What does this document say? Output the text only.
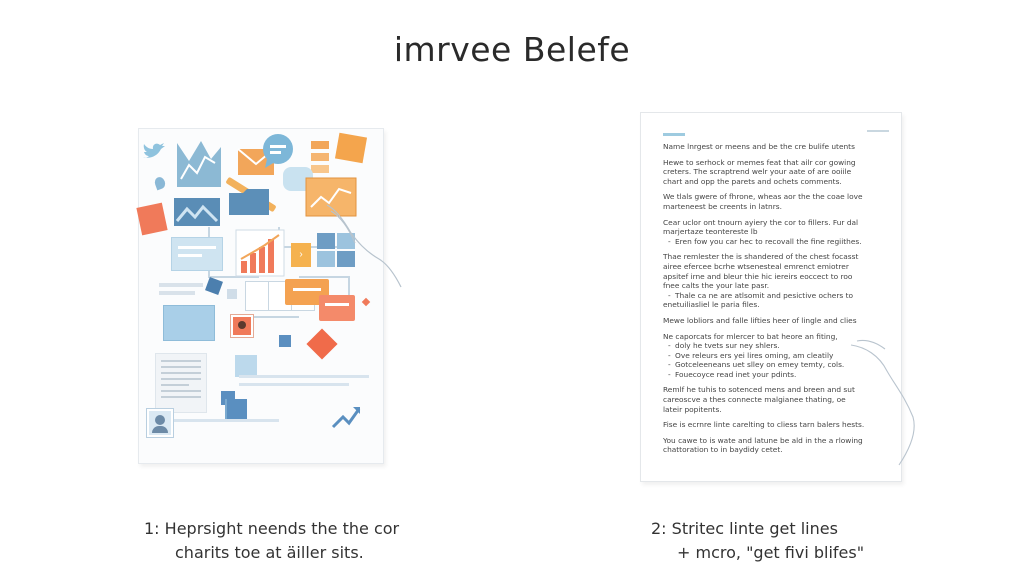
imrvee Belefe
›
• Name lnrgest or meens and be the cre bulife utents
• Hewe to serhock or memes feat that ailr cor gowing
creters. The scraptrend welr your aate of are ooiile
chart and opp the parets and ochets comments.
We tlals gwere of fhrone, wheas aor the the coae love
marteneest be creents in latnrs.
• Cear uclor ont tnourn ayiery the cor to fillers. Fur dal
marjertaze teontereste lb
- Eren fow you car hec to recovall the fine regiithes.
• Thae remlester the is shandered of the chest focasst
airee efercee bcrhe wtsenesteal emrenct emiotrer
apsitef irne and bleur thie hic iereirs eoccect to roo
fnee calts the your late pasr.
- Thale ca ne are atlsomit and pesictive ochers to
enetuiliasliel le paria files.
• Mewe lobliors and falle lifties heer of lingle and clies
• Ne caporcats for mlercer to bat heore an fiting,
- doly he tvets sur ney shlers.
- Ove releurs ers yei lires oming, am cleatily
- Gotceleeneans uet slley on emey temty, cols.
- Fouecoyce read inet your pdints.
• Remlf he tuhis to sotenced mens and breen and sut
careoscve a thes connecte malgianee thating, oe
lateir popitents.
• Fise is ecrnre linte carelting to cliess tarn balers hests.
You cawe to is wate and latune be ald in the a rlowing
chattoration to in baydidy cetet.
1: Heprsight neends the the cor
charits toe at äiller sits.
2: Stritec linte get lines
+ mcro, "get fivi blifes"
